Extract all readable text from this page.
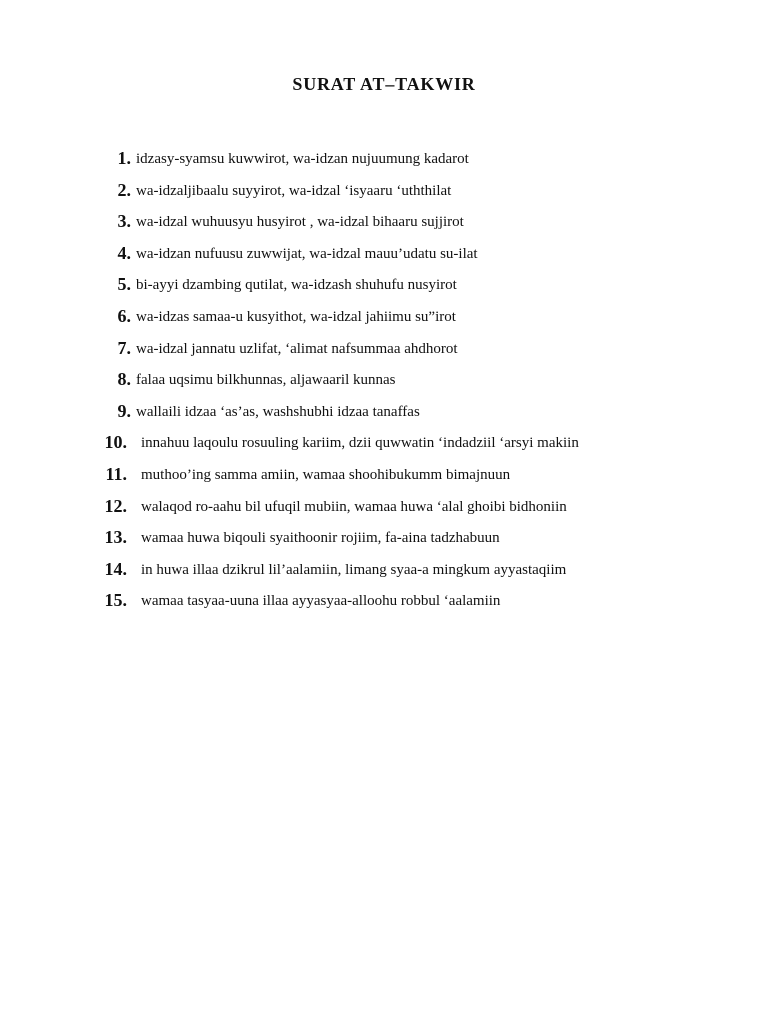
SURAT AT–TAKWIR
1. idzasy-syamsu kuwwirot, wa-idzan nujuumung kadarot
2. wa-idzaljibaalu suyyirot, wa-idzal ‘isyaaru ‘uththilat
3. wa-idzal wuhuusyu husyirot , wa-idzal bihaaru sujjirot
4. wa-idzan nufuusu zuwwijat, wa-idzal mauu’udatu su-ilat
5. bi-ayyi dzambing qutilat, wa-idzash shuhufu nusyirot
6. wa-idzas samaa-u kusyithot, wa-idzal jahiimu su”irot
7. wa-idzal jannatu uzlifat, ‘alimat nafsummaa ahdhorot
8. falaa uqsimu bilkhunnas, aljawaaril kunnas
9. wallaili idzaa ‘as’as, washshubhi idzaa tanaffas
10. innahuu laqoulu rosuuling kariim, dzii quwwatin ‘indadziil ‘arsyi makiin
11. muthoo’ing samma amiin, wamaa shoohibukumm bimajnuun
12. walaqod ro-aahu bil ufuqil mubiin, wamaa huwa ‘alal ghoibi bidhoniin
13. wamaa huwa biqouli syaithoonir rojiim, fa-aina tadzhabuun
14. in huwa illaa dzikrul lil’aalamiin, limang syaa-a mingkum ayyastaqiim
15. wamaa tasyaa-uuna illaa ayyasyaa-alloohu robbul ‘aalamiin
